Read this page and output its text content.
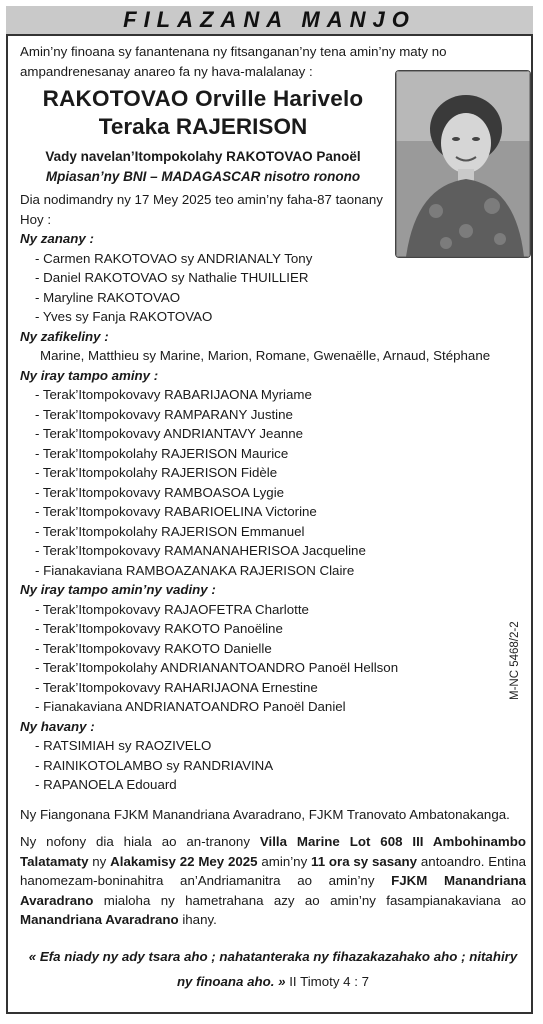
FILAZANA MANJO

Amin’ny finoana sy fanantenana ny fitsanganan’ny tena amin’ny maty no ampandrenesanay anareo fa ny hava-malalanay :

RAKOTOVAO Orville Harivelo
Teraka RAJERISON
Vady navelan’Itompokolahy RAKOTOVAO Panoël
Mpiasan’ny BNI – MADAGASCAR nisotro ronono
Dia nodimandry ny 17 Mey 2025 teo amin’ny faha-87 taonany
Hoy :
Ny zanany :
- Carmen RAKOTOVAO sy ANDRIANALY Tony
- Daniel RAKOTOVAO sy Nathalie THUILLIER
- Maryline RAKOTOVAO
- Yves sy Fanja RAKOTOVAO
Ny zafikeliny :
Marine, Matthieu sy Marine, Marion, Romane, Gwenaëlle, Arnaud, Stéphane
Ny iray tampo aminy :
- Terak’Itompokovavy RABARIJAONA Myriame
- Terak’Itompokovavy RAMPARANY Justine
- Terak’Itompokovavy ANDRIANTAVY Jeanne
- Terak’Itompokolahy RAJERISON Maurice
- Terak’Itompokolahy RAJERISON Fidèle
- Terak’Itompokovavy RAMBOASOA Lygie
- Terak’Itompokovavy RABARIOELINA Victorine
- Terak’Itompokolahy RAJERISON Emmanuel
- Terak’Itompokovavy RAMANANAHERISOA Jacqueline
- Fianakaviana RAMBOAZANAKA RAJERISON Claire
Ny iray tampo amin’ny vadiny :
- Terak’Itompokovavy RAJAOFETRA Charlotte
- Terak’Itompokovavy RAKOTO Panoëline
- Terak’Itompokovavy RAKOTO Danielle
- Terak’Itompokolahy ANDRIANANTOANDRO Panoël Hellson
- Terak’Itompokovavy RAHARIJAONA Ernestine
- Fianakaviana ANDRIANATOANDRO Panoël Daniel
Ny havany :
- RATSIMIAH sy RAOZIVELO
- RAINIKOTOLAMBO sy RANDRIAVINA
- RAPANOELA Edouard
Ny Fiangonana FJKM Manandriana Avaradrano, FJKM Tranovato Ambatonakanga.
Ny nofony dia hiala ao an-tranony Villa Marine Lot 608 III Ambohinambo Talatamaty ny Alakamisy 22 Mey 2025 amin’ny 11 ora sy sasany antoandro. Entina hanomezam-boninahitra an’Andriamanitra ao amin’ny FJKM Manandriana Avaradrano mialoha ny hametrahana azy ao amin’ny fasampianakaviana ao Manandriana Avaradrano ihany.
« Efa niady ny ady tsara aho ; nahatanteraka ny fihazakazahako aho ; nitahiry ny finoana aho. » II Timoty 4 : 7
M-NC 5468/2-2
